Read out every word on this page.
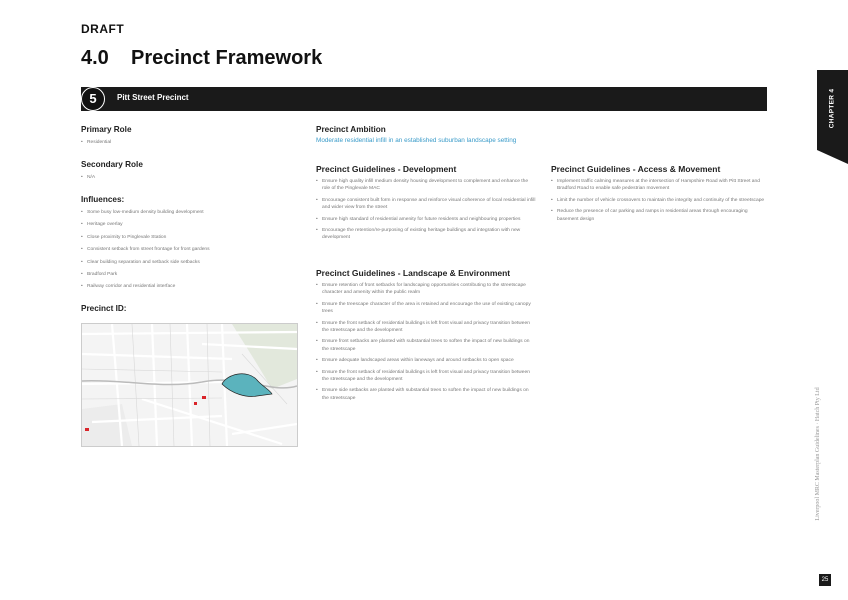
DRAFT
4.0 Precinct Framework
5	Pitt Street Precinct	CHAPTER 4
Liverpool MRC Masterplan Guidelines · Hatch Pty Ltd
25
Primary Role
• Residential
Secondary Role
• N/A
Influences:
• Some busy low-medium density building development
• Heritage overlay
• Close proximity to Pinglevale Station
• Consistent setback from street frontage for front gardens
• Clear building separation and setback side setbacks
• Bradford Park
• Railway corridor and residential interface
Precinct ID:
Precinct Ambition
Moderate residential infill in an established suburban landscape setting
Precinct Guidelines - Development
• Ensure high quality infill medium density housing development to complement and enhance the role of the Pinglevale MAC
• Encourage consistent built form in response and reinforce visual coherence of local residential infill and wider view from the street
• Ensure high standard of residential amenity for future residents and neighbouring properties
• Encourage the retention/re-purposing of existing heritage buildings and integration with new development
Precinct Guidelines - Landscape & Environment
• Ensure retention of front setbacks for landscaping opportunities contributing to the streetscape character and amenity within the public realm
• Ensure the treescape character of the area is retained and encourage the use of existing canopy trees
• Ensure the front setback of residential buildings is left front visual and privacy transition between the streetscape and the development
• Ensure front setbacks are planted with substantial trees to soften the impact of new buildings on the streetscape
• Ensure adequate landscaped areas within laneways and around setbacks to open space
• Ensure the front setback of residential buildings is left front visual and privacy transition between the streetscape and the development
• Ensure side setbacks are planted with substantial trees to soften the impact of new buildings on the streetscape
Precinct Guidelines - Access & Movement
• Implement traffic calming measures at the intersection of Hampshire Road with Pitt Street and Bradford Road to enable safe pedestrian movement
• Limit the number of vehicle crossovers to maintain the integrity and continuity of the streetscape
• Reduce the presence of car parking and ramps in residential areas through encouraging basement design
